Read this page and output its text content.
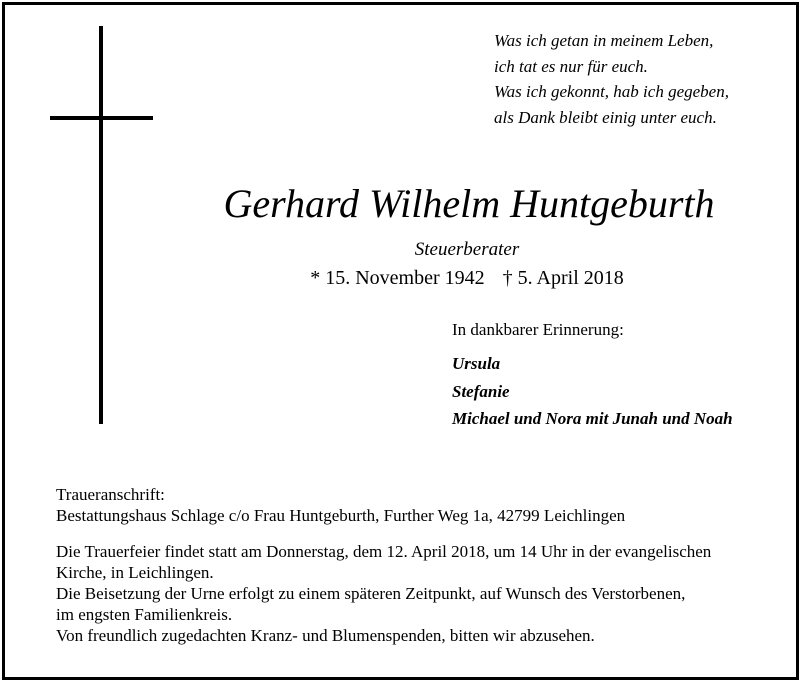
Was ich getan in meinem Leben,
ich tat es nur für euch.
Was ich gekonnt, hab ich gegeben,
als Dank bleibt einig unter euch.
Gerhard Wilhelm Huntgeburth
Steuerberater
* 15. November 1942 † 5. April 2018
In dankbarer Erinnerung:
Ursula
Stefanie
Michael und Nora mit Junah und Noah
Traueranschrift:
Bestattungshaus Schlage c/o Frau Huntgeburth, Further Weg 1a, 42799 Leichlingen
Die Trauerfeier findet statt am Donnerstag, dem 12. April 2018, um 14 Uhr in der evangelischen
Kirche, in Leichlingen.
Die Beisetzung der Urne erfolgt zu einem späteren Zeitpunkt, auf Wunsch des Verstorbenen,
im engsten Familienkreis.
Von freundlich zugedachten Kranz- und Blumenspenden, bitten wir abzusehen.
